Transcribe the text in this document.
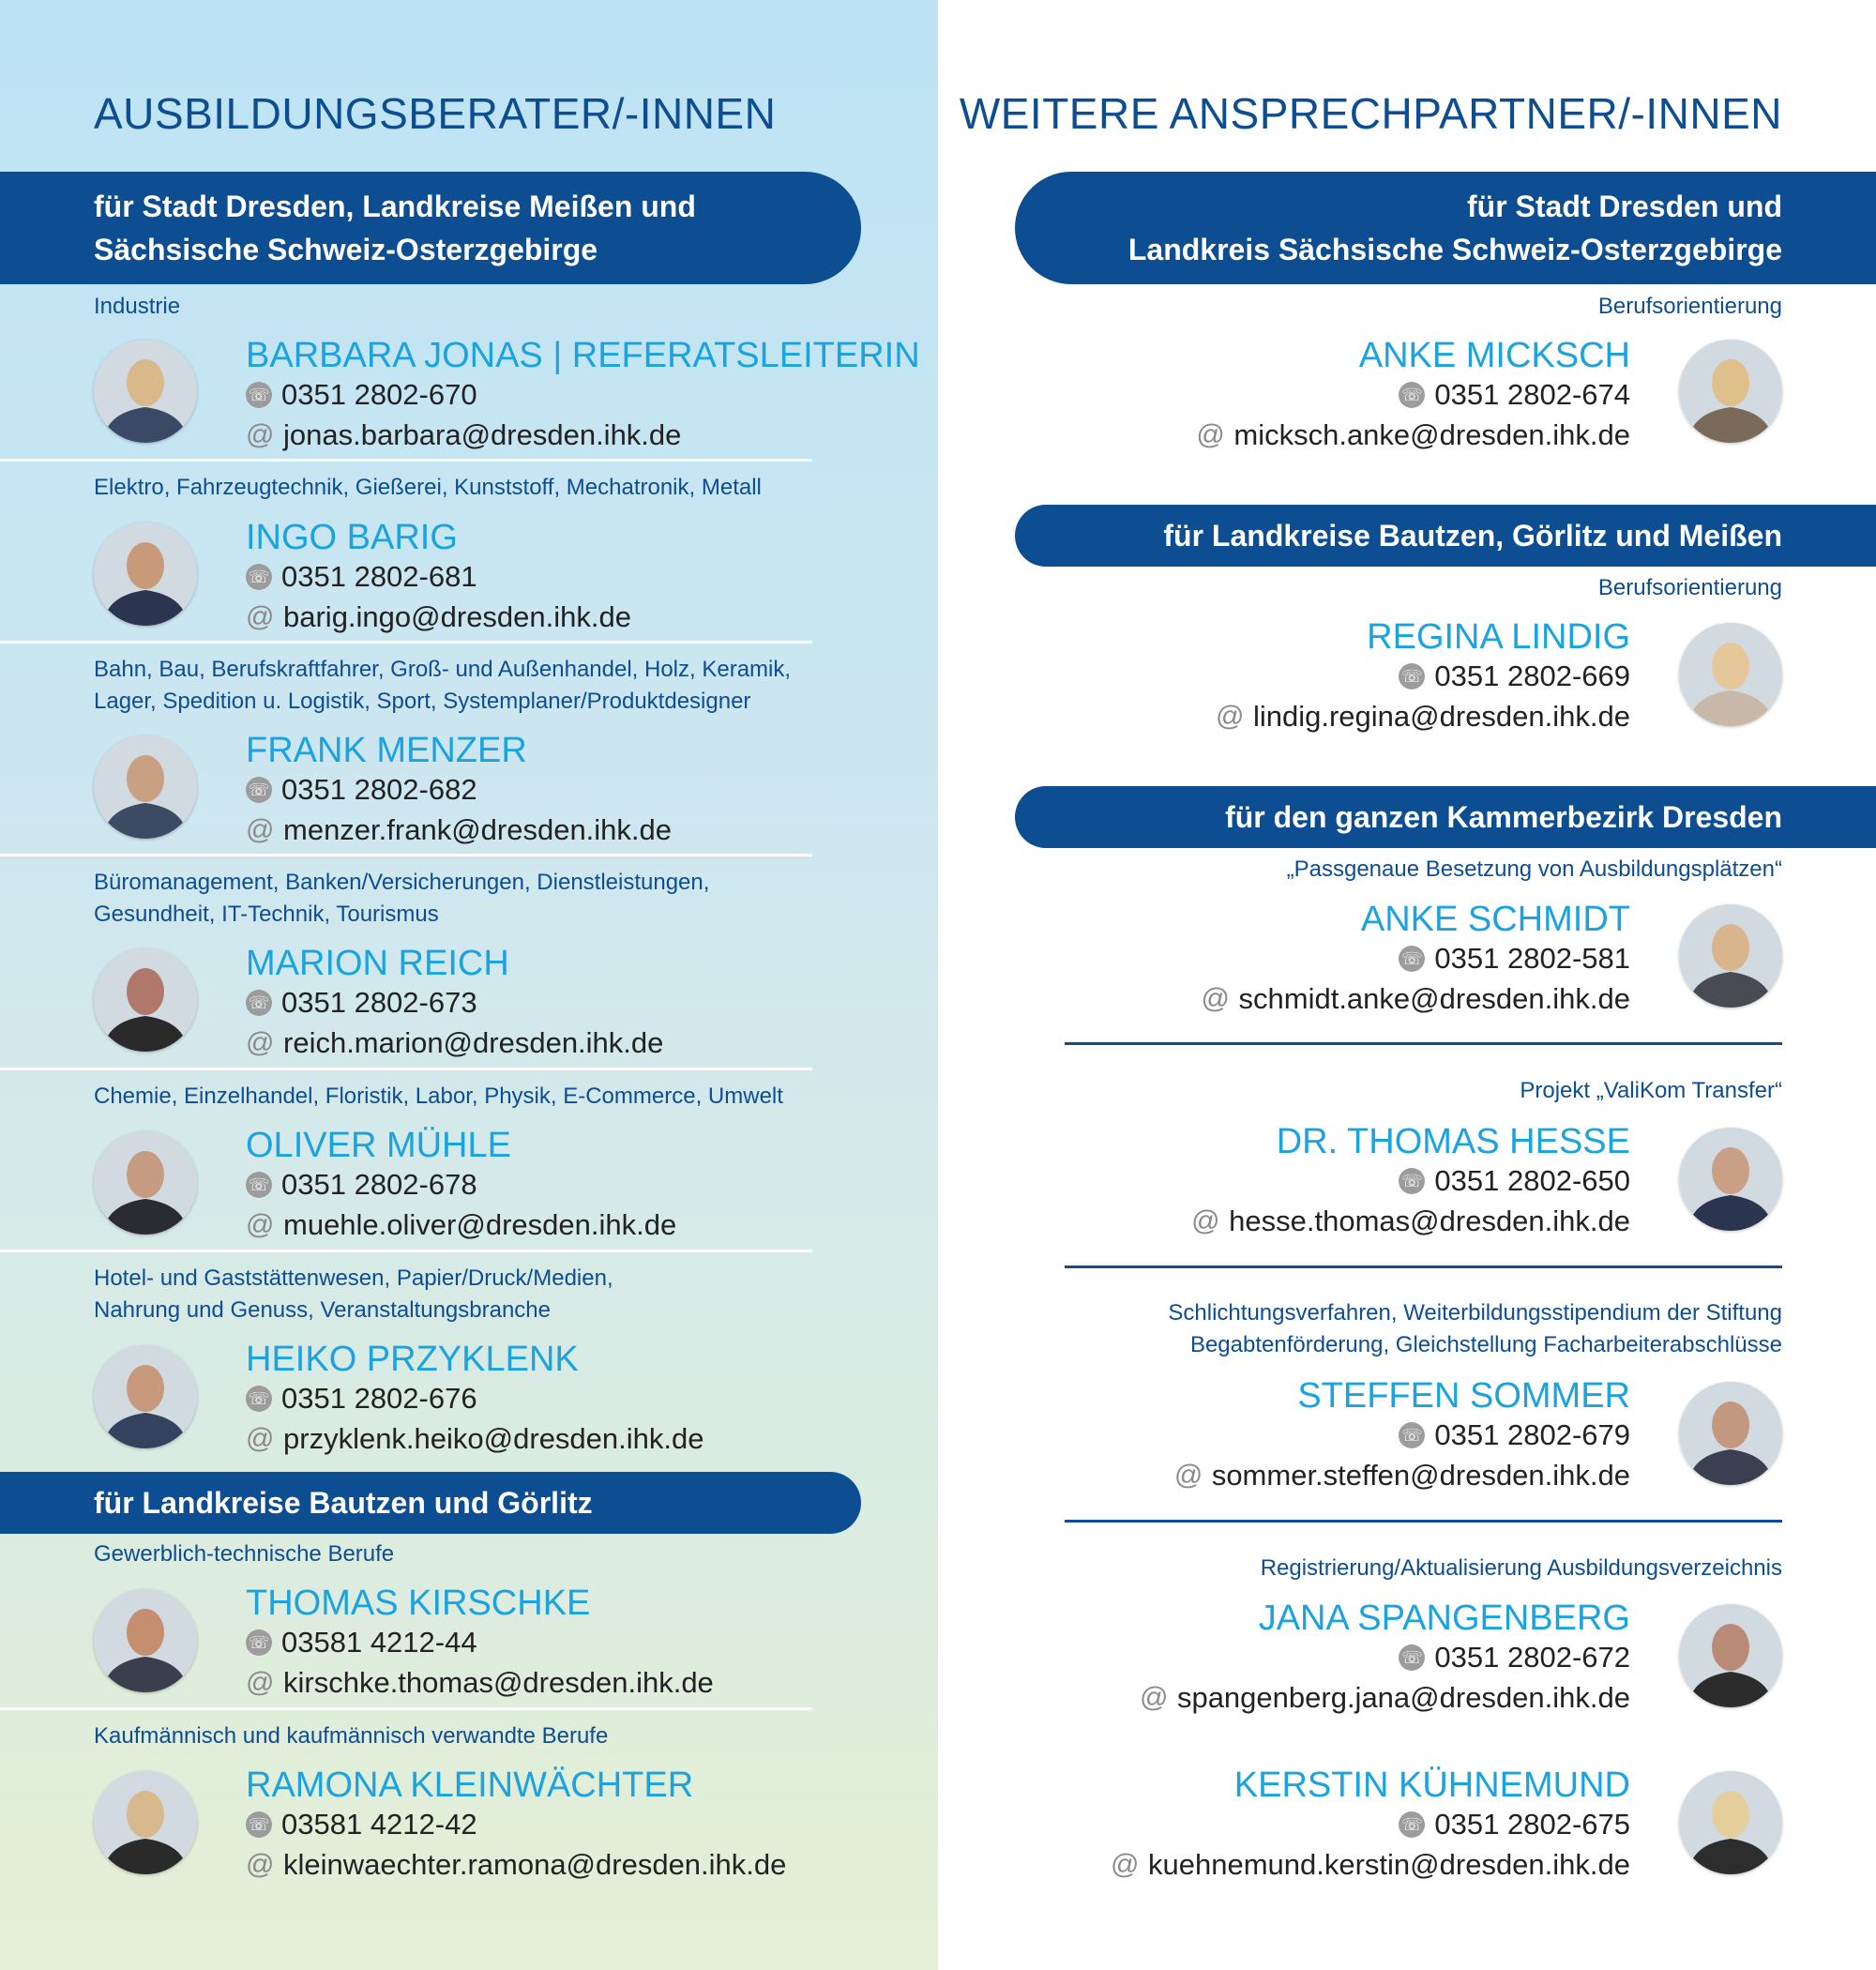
AUSBILDUNGSBERATER/-INNEN
für Stadt Dresden, Landkreise Meißen und
Sächsische Schweiz-Osterzgebirge
für Landkreise Bautzen und Görlitz
Industrie
BARBARA JONAS | REFERATSLEITERIN
☏ 0351 2802-670
@ jonas.barbara@dresden.ihk.de
Elektro, Fahrzeugtechnik, Gießerei, Kunststoff, Mechatronik, Metall
INGO BARIG
☏ 0351 2802-681
@ barig.ingo@dresden.ihk.de
Bahn, Bau, Berufskraftfahrer, Groß- und Außenhandel, Holz, Keramik,
Lager, Spedition u. Logistik, Sport, Systemplaner/Produktdesigner
FRANK MENZER
☏ 0351 2802-682
@ menzer.frank@dresden.ihk.de
Büromanagement, Banken/Versicherungen, Dienstleistungen,
Gesundheit, IT-Technik, Tourismus
MARION REICH
☏ 0351 2802-673
@ reich.marion@dresden.ihk.de
Chemie, Einzelhandel, Floristik, Labor, Physik, E-Commerce, Umwelt
OLIVER MÜHLE
☏ 0351 2802-678
@ muehle.oliver@dresden.ihk.de
Hotel- und Gaststättenwesen, Papier/Druck/Medien,
Nahrung und Genuss, Veranstaltungsbranche
HEIKO PRZYKLENK
☏ 0351 2802-676
@ przyklenk.heiko@dresden.ihk.de
Gewerblich-technische Berufe
THOMAS KIRSCHKE
☏ 03581 4212-44
@ kirschke.thomas@dresden.ihk.de
Kaufmännisch und kaufmännisch verwandte Berufe
RAMONA KLEINWÄCHTER
☏ 03581 4212-42
@ kleinwaechter.ramona@dresden.ihk.de
WEITERE ANSPRECHPARTNER/-INNEN
für Stadt Dresden und
Landkreis Sächsische Schweiz-Osterzgebirge
für Landkreise Bautzen, Görlitz und Meißen
für den ganzen Kammerbezirk Dresden
Berufsorientierung
ANKE MICKSCH
☏ 0351 2802-674
@ micksch.anke@dresden.ihk.de
Berufsorientierung
REGINA LINDIG
☏ 0351 2802-669
@ lindig.regina@dresden.ihk.de
„Passgenaue Besetzung von Ausbildungsplätzen“
ANKE SCHMIDT
☏ 0351 2802-581
@ schmidt.anke@dresden.ihk.de
Projekt „ValiKom Transfer“
DR. THOMAS HESSE
☏ 0351 2802-650
@ hesse.thomas@dresden.ihk.de
Schlichtungsverfahren, Weiterbildungsstipendium der Stiftung
Begabtenförderung, Gleichstellung Facharbeiterabschlüsse
STEFFEN SOMMER
☏ 0351 2802-679
@ sommer.steffen@dresden.ihk.de
Registrierung/Aktualisierung Ausbildungsverzeichnis
JANA SPANGENBERG
☏ 0351 2802-672
@ spangenberg.jana@dresden.ihk.de
KERSTIN KÜHNEMUND
☏ 0351 2802-675
@ kuehnemund.kerstin@dresden.ihk.de
